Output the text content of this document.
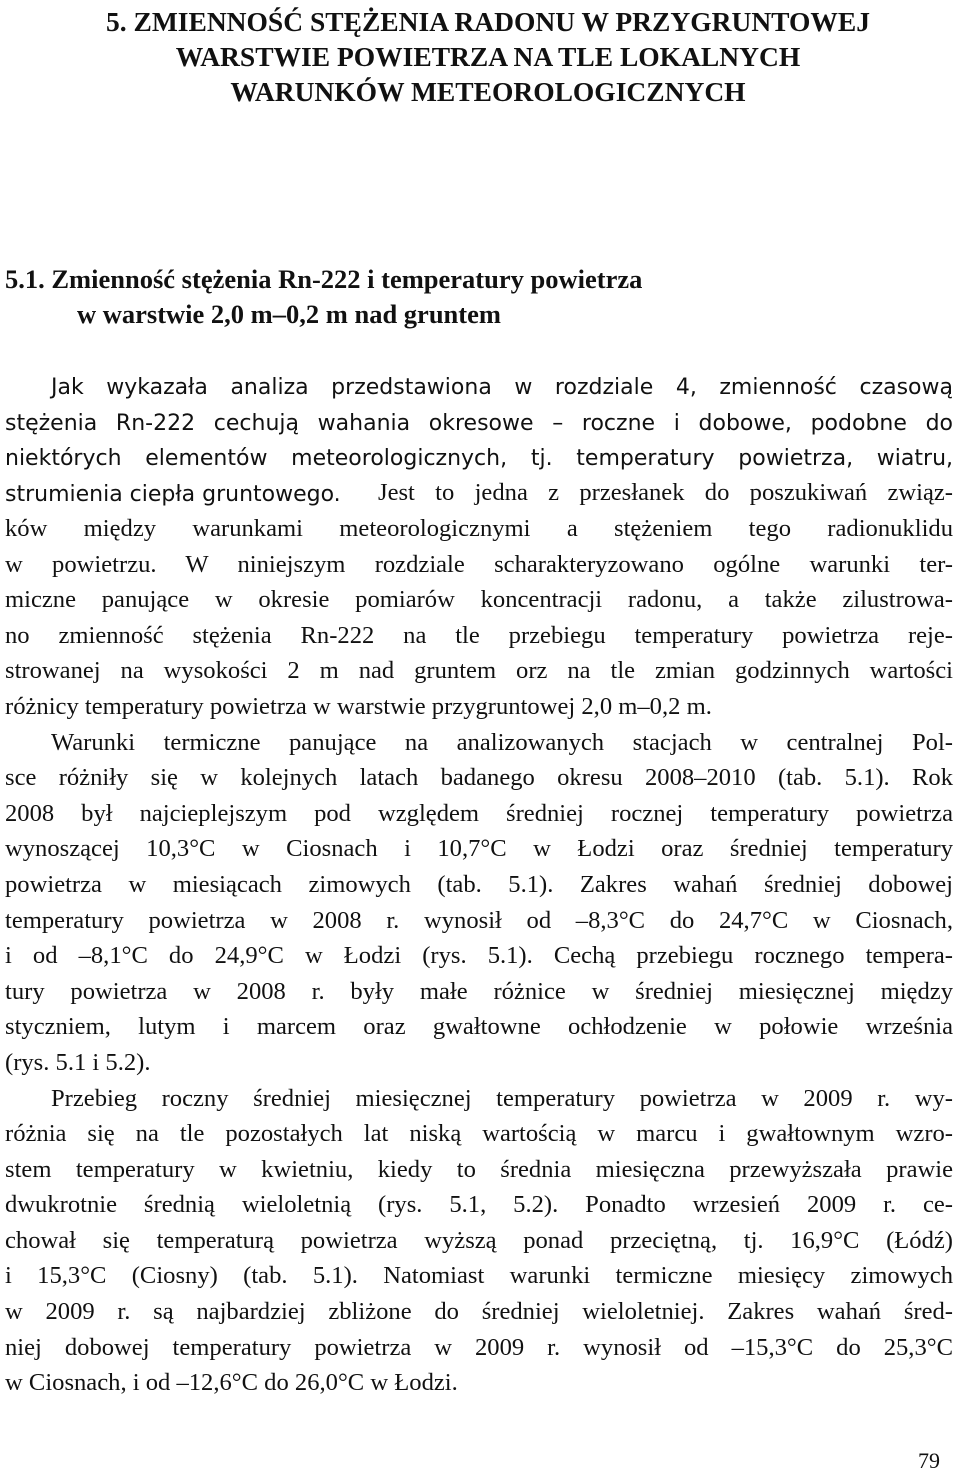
5. ZMIENNOŚĆ STĘŻENIA RADONU W PRZYGRUNTOWEJ
WARSTWIE POWIETRZA NA TLE LOKALNYCH
WARUNKÓW METEOROLOGICZNYCH
5.1. Zmienność stężenia Rn-222 i temperatury powietrza
w warstwie 2,0 m–0,2 m nad gruntem
Jak wykazała analiza przedstawiona w rozdziale 4, zmienność czasową
stężenia Rn-222 cechują wahania okresowe – roczne i dobowe, podobne do
niektórych elementów meteorologicznych, tj. temperatury powietrza, wiatru,
strumienia ciepła gruntowego.	Jest to jedna z przesłanek do poszukiwań związ-
ków między warunkami meteorologicznymi a stężeniem tego radionuklidu
w powietrzu. W niniejszym rozdziale scharakteryzowano ogólne warunki ter-
miczne panujące w okresie pomiarów koncentracji radonu, a także zilustrowa-
no zmienność stężenia Rn-222 na tle przebiegu temperatury powietrza reje-
strowanej na wysokości 2 m nad gruntem orz na tle zmian godzinnych wartości
różnicy temperatury powietrza w warstwie przygruntowej 2,0 m–0,2 m.
Warunki termiczne panujące na analizowanych stacjach w centralnej Pol-
sce różniły się w kolejnych latach badanego okresu 2008–2010 (tab. 5.1). Rok
2008 był najcieplejszym pod względem średniej rocznej temperatury powietrza
wynoszącej 10,3°C w Ciosnach i 10,7°C w Łodzi oraz średniej temperatury
powietrza w miesiącach zimowych (tab. 5.1). Zakres wahań średniej dobowej
temperatury powietrza w 2008 r. wynosił od –8,3°C do 24,7°C w Ciosnach,
i od –8,1°C do 24,9°C w Łodzi (rys. 5.1). Cechą przebiegu rocznego tempera-
tury powietrza w 2008 r. były małe różnice w średniej miesięcznej między
styczniem, lutym i marcem oraz gwałtowne ochłodzenie w połowie września
(rys. 5.1 i 5.2).
Przebieg roczny średniej miesięcznej temperatury powietrza w 2009 r. wy-
różnia się na tle pozostałych lat niską wartością w marcu i gwałtownym wzro-
stem temperatury w kwietniu, kiedy to średnia miesięczna przewyższała prawie
dwukrotnie średnią wieloletnią (rys. 5.1, 5.2). Ponadto wrzesień 2009 r. ce-
chował się temperaturą powietrza wyższą ponad przeciętną, tj. 16,9°C (Łódź)
i 15,3°C (Ciosny) (tab. 5.1). Natomiast warunki termiczne miesięcy zimowych
w 2009 r. są najbardziej zbliżone do średniej wieloletniej. Zakres wahań śred-
niej dobowej temperatury powietrza w 2009 r. wynosił od –15,3°C do 25,3°C
w Ciosnach, i od –12,6°C do 26,0°C w Łodzi.
79
